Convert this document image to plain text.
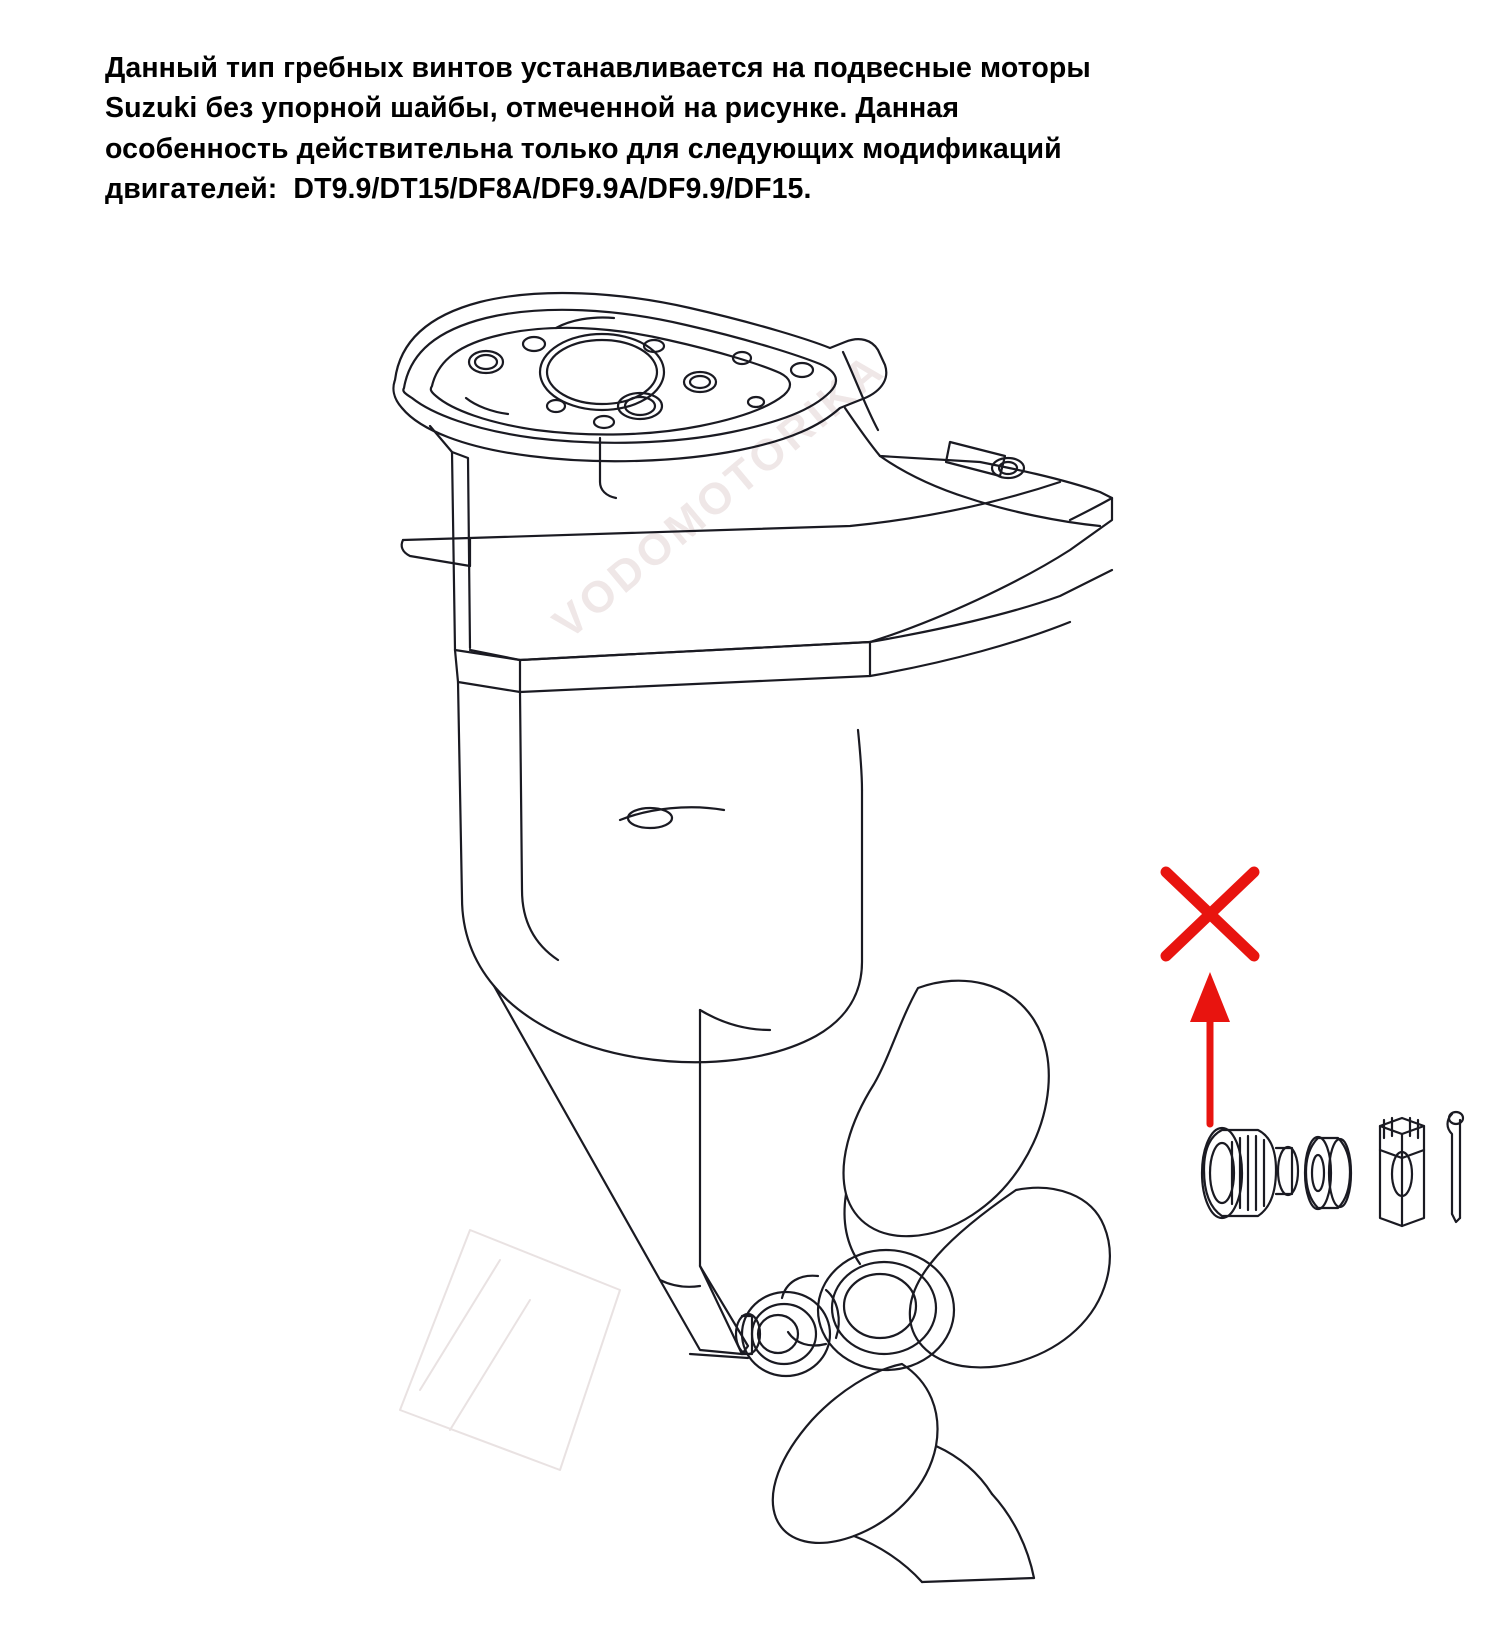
Данный тип гребных винтов устанавливается на подвесные моторы
Suzuki без упорной шайбы, отмеченной на рисунке. Данная
особенность действительна только для следующих модификаций
двигателей:  DT9.9/DT15/DF8A/DF9.9A/DF9.9/DF15.
VODOMOTORIKA
